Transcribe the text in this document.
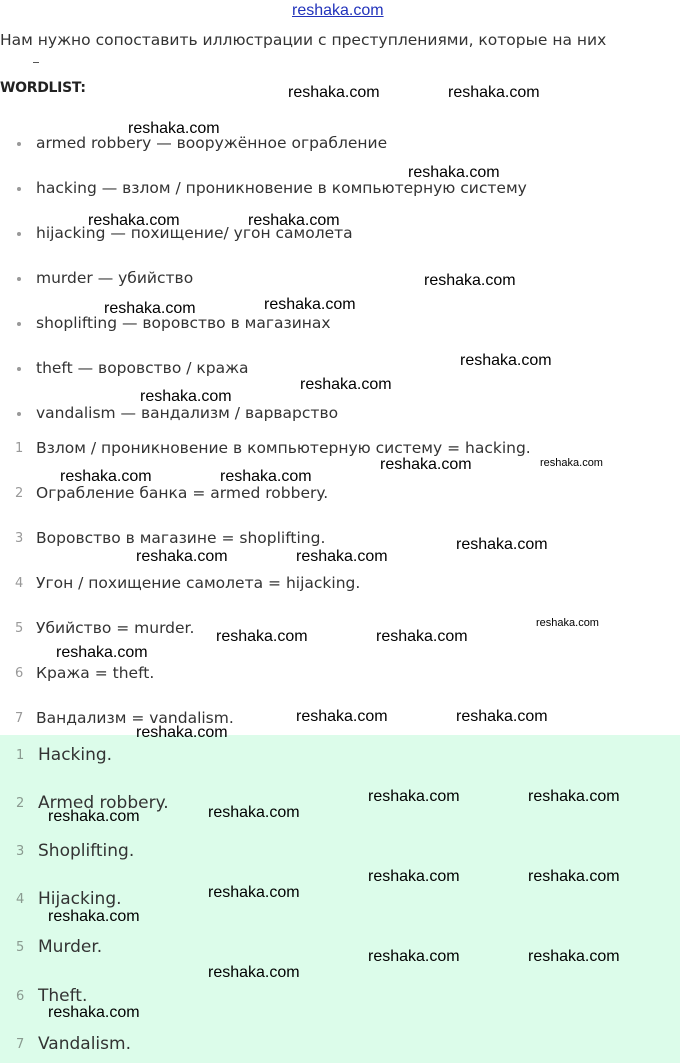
reshaka.com
Нам нужно сопоставить иллюстрации с преступлениями, которые на них
WORDLIST:
armed robbery — вооружённое ограбление
hacking — взлом / проникновение в компьютерную систему
hijacking — похищение/ угон самолета
murder — убийство
shoplifting — воровство в магазинах
theft — воровство / кража
vandalism — вандализм / варварство
1 Взлом / проникновение в компьютерную систему = hacking.
2 Ограбление банка = armed robbery.
3 Воровство в магазине = shoplifting.
4 Угон / похищение самолета = hijacking.
5 Убийство = murder.
6 Кража = theft.
7 Вандализм = vandalism.
1 Hacking.
2 Armed robbery.
3 Shoplifting.
4 Hijacking.
5 Murder.
6 Theft.
7 Vandalism.
reshaka.com	reshaka.com
reshaka.com
reshaka.com
reshaka.com	reshaka.com
reshaka.com
reshaka.com
reshaka.com
reshaka.com
reshaka.com
reshaka.com
reshaka.com	reshaka.com
reshaka.com	reshaka.com
reshaka.com
reshaka.com	reshaka.com
reshaka.com
reshaka.com	reshaka.com
reshaka.com
reshaka.com	reshaka.com
reshaka.com
reshaka.com	reshaka.com
reshaka.com
reshaka.com
reshaka.com	reshaka.com
reshaka.com
reshaka.com
reshaka.com	reshaka.com
reshaka.com
reshaka.com
